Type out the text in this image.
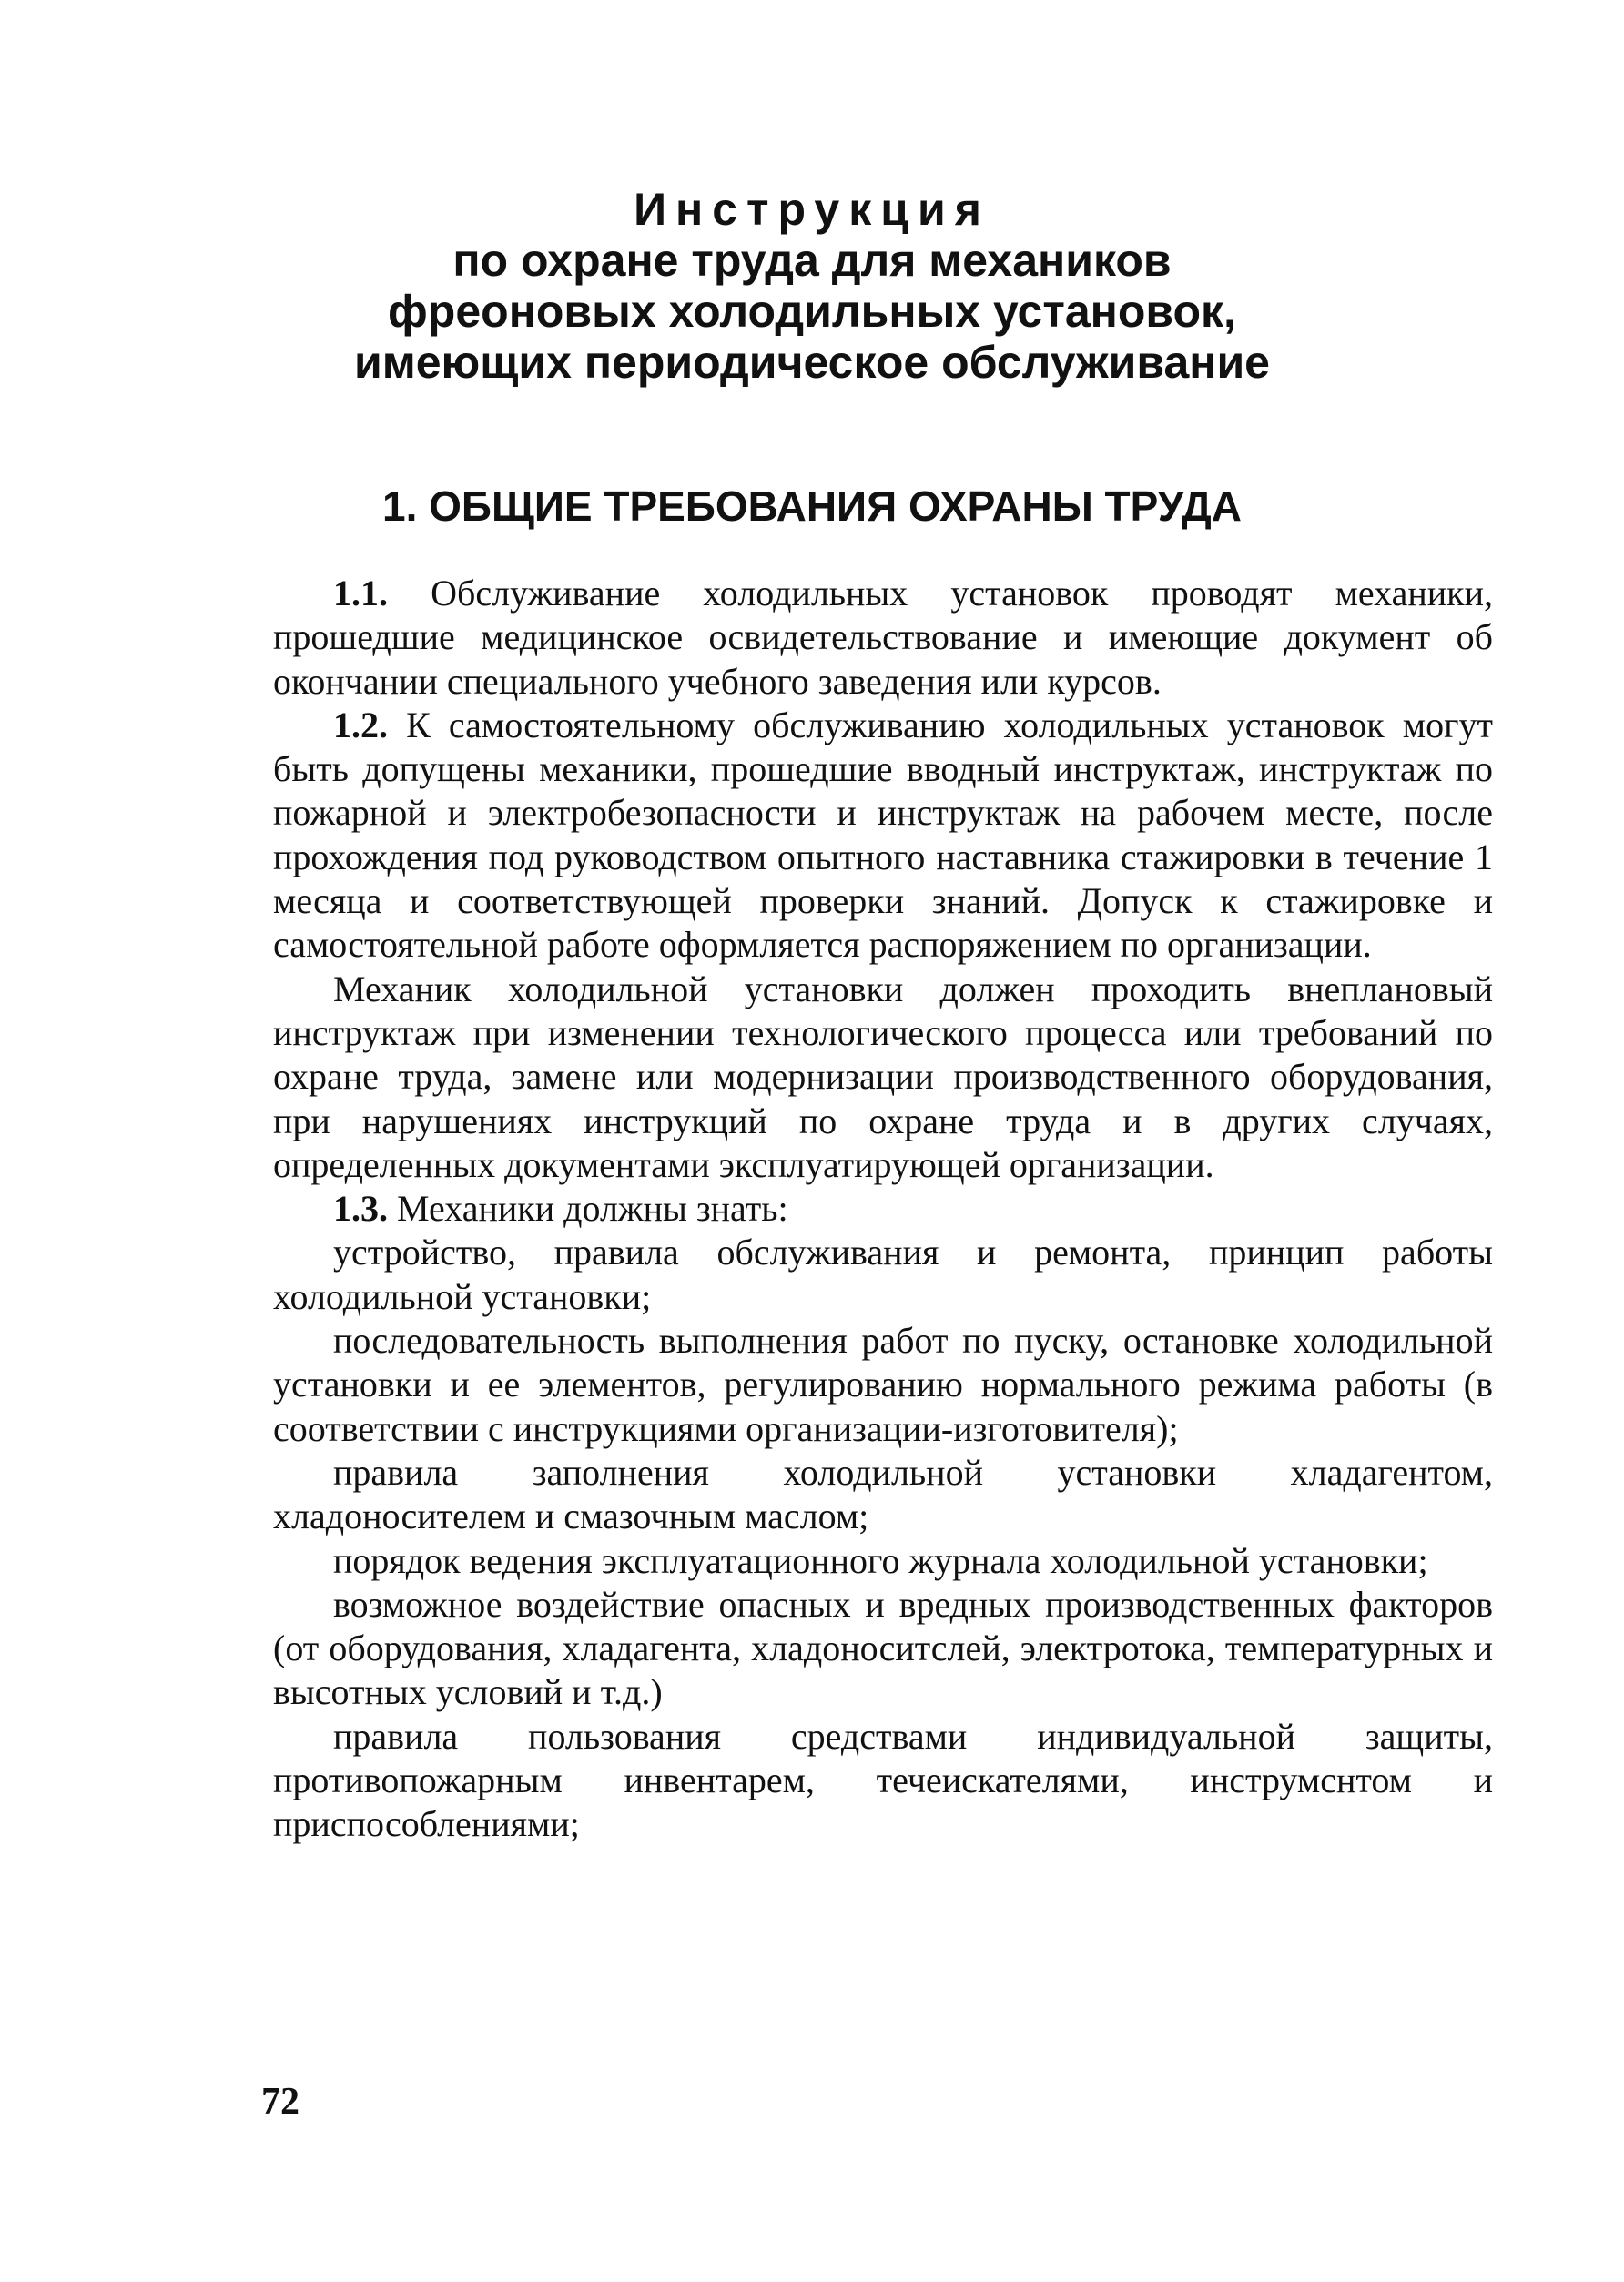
Инструкция
по охране труда для механиков
фреоновых холодильных установок,
имеющих периодическое обслуживание
1. ОБЩИЕ ТРЕБОВАНИЯ ОХРАНЫ ТРУДА

1.1. Обслуживание холодильных установок проводят механики, прошедшие медицинское освидетельствование и имеющие документ об окончании специального учебного заведения или курсов.

1.2. К самостоятельному обслуживанию холодильных установок могут быть допущены механики, прошедшие вводный инструктаж, инструктаж по пожарной и электробезопасности и инструктаж на рабочем месте, после прохождения под руководством опытного наставника стажировки в течение 1 месяца и соответствующей проверки знаний. Допуск к стажировке и самостоятельной работе оформляется распоряжением по организации.

Механик холодильной установки должен проходить внеплановый инструктаж при изменении технологического процесса или требований по охране труда, замене или модернизации производственного оборудования, при нарушениях инструкций по охране труда и в других случаях, определенных документами эксплуатирующей организации.

1.3. Механики должны знать:

устройство, правила обслуживания и ремонта, принцип работы холодильной установки;

последовательность выполнения работ по пуску, остановке холодильной установки и ее элементов, регулированию нормального режима работы (в соответствии с инструкциями организации-изготовителя);

правила заполнения холодильной установки хладагентом, хладоносителем и смазочным маслом;

порядок ведения эксплуатационного журнала холодильной установки;

возможное воздействие опасных и вредных производственных факторов (от оборудования, хладагента, хладоноситслей, электротока, температурных и высотных условий и т.д.)

правила пользования средствами индивидуальной защиты, противопожарным инвентарем, течеискателями, инструмснтом и приспособлениями;

72
